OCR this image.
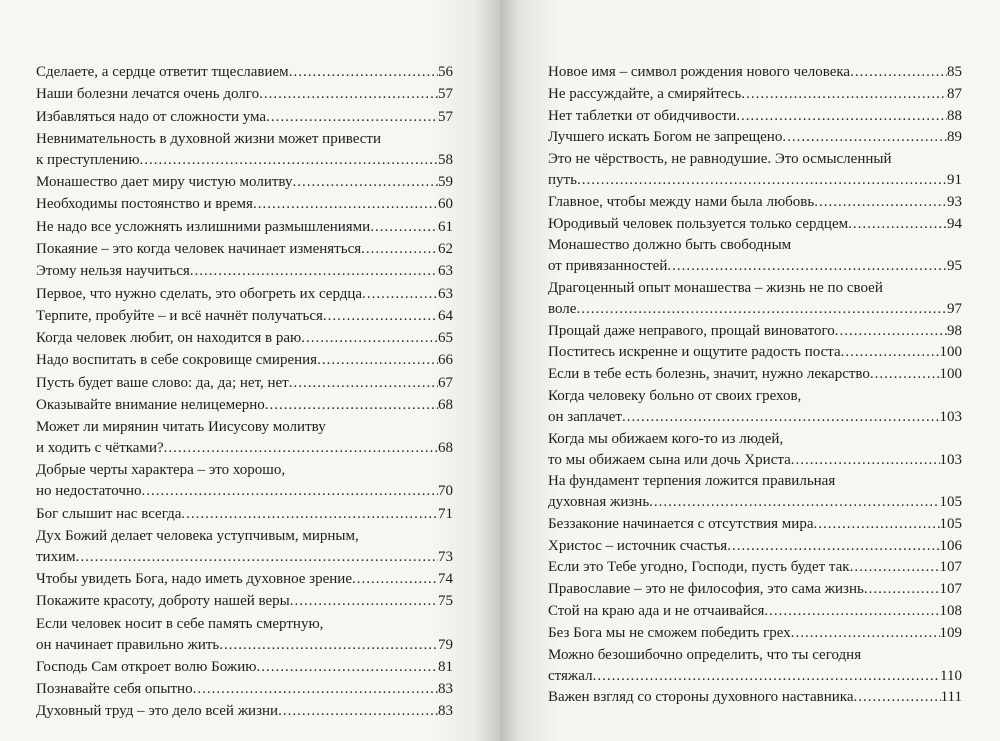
Сделаете, а сердце ответит тщеславием .....	56
Наши болезни лечатся очень долго .....	57
Избавляться надо от сложности ума .....	57
Невнимательность в духовной жизни может привести
к преступлению .....	58
Монашество дает миру чистую молитву .....	59
Необходимы постоянство и время .....	60
Не надо все усложнять излишними размышлениями .....	61
Покаяние – это когда человек начинает изменяться .....	62
Этому нельзя научиться .....	63
Первое, что нужно сделать, это обогреть их сердца .....	63
Терпите, пробуйте – и всё начнёт получаться .....	64
Когда человек любит, он находится в раю .....	65
Надо воспитать в себе сокровище смирения .....	66
Пусть будет ваше слово: да, да; нет, нет .....	67
Оказывайте внимание нелицемерно .....	68
Может ли мирянин читать Иисусову молитву
и ходить с чётками? .....	68
Добрые черты характера – это хорошо,
но недостаточно .....	70
Бог слышит нас всегда .....	71
Дух Божий делает человека уступчивым, мирным,
тихим .....	73
Чтобы увидеть Бога, надо иметь духовное зрение .....	74
Покажите красоту, доброту нашей веры .....	75
Если человек носит в себе память смертную,
он начинает правильно жить .....	79
Господь Сам откроет волю Божию .....	81
Познавайте себя опытно .....	83
Духовный труд – это дело всей жизни .....	83
Новое имя – символ рождения нового человека .....	85
Не рассуждайте, а смиряйтесь .....	87
Нет таблетки от обидчивости .....	88
Лучшего искать Богом не запрещено .....	89
Это не чёрствость, не равнодушие. Это осмысленный
путь .....	91
Главное, чтобы между нами была любовь .....	93
Юродивый человек пользуется только сердцем .....	94
Монашество должно быть свободным
от привязанностей .....	95
Драгоценный опыт монашества – жизнь не по своей
воле .....	97
Прощай даже неправого, прощай виноватого .....	98
Поститесь искренне и ощутите радость поста .....	100
Если в тебе есть болезнь, значит, нужно лекарство .....	100
Когда человеку больно от своих грехов,
он заплачет .....	103
Когда мы обижаем кого-то из людей,
то мы обижаем сына или дочь Христа .....	103
На фундамент терпения ложится правильная
духовная жизнь .....	105
Беззаконие начинается с отсутствия мира .....	105
Христос – источник счастья .....	106
Если это Тебе угодно, Господи, пусть будет так .....	107
Православие – это не философия, это сама жизнь .....	107
Стой на краю ада и не отчаивайся .....	108
Без Бога мы не сможем победить грех .....	109
Можно безошибочно определить, что ты сегодня
стяжал .....	110
Важен взгляд со стороны духовного наставника .....	111
